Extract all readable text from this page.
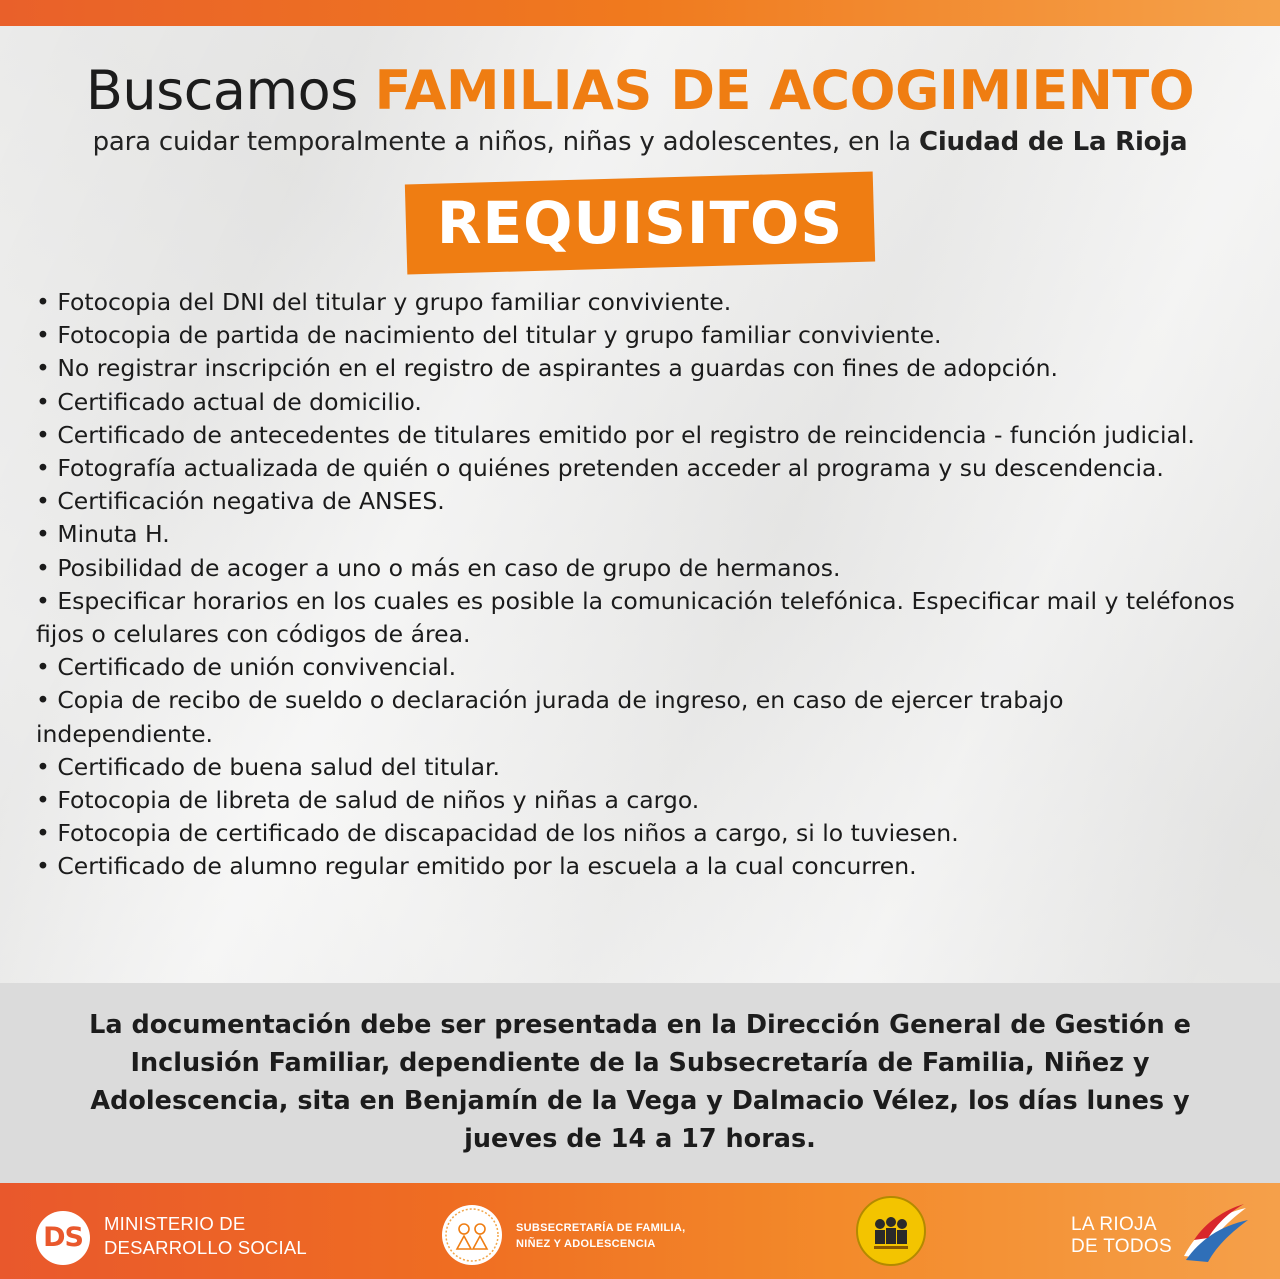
Buscamos FAMILIAS DE ACOGIMIENTO
para cuidar temporalmente a niños, niñas y adolescentes, en la Ciudad de La Rioja
REQUISITOS
• Fotocopia del DNI del titular y grupo familiar conviviente.
• Fotocopia de partida de nacimiento del titular y grupo familiar conviviente.
• No registrar inscripción en el registro de aspirantes a guardas con fines de adopción.
• Certificado actual de domicilio.
• Certificado de antecedentes de titulares emitido por el registro de reincidencia - función judicial.
• Fotografía actualizada de quién o quiénes pretenden acceder al programa y su descendencia.
• Certificación negativa de ANSES.
• Minuta H.
• Posibilidad de acoger a uno o más en caso de grupo de hermanos.
• Especificar horarios en los cuales es posible la comunicación telefónica. Especificar mail y teléfonos fijos o celulares con códigos de área.
• Certificado de unión convivencial.
• Copia de recibo de sueldo o declaración jurada de ingreso, en caso de ejercer trabajo independiente.
• Certificado de buena salud del titular.
• Fotocopia de libreta de salud de niños y niñas a cargo.
• Fotocopia de certificado de discapacidad de los niños a cargo, si lo tuviesen.
• Certificado de alumno regular emitido por la escuela a la cual concurren.
La documentación debe ser presentada en la Dirección General de Gestión e Inclusión Familiar, dependiente de la Subsecretaría de Familia, Niñez y Adolescencia, sita en Benjamín de la Vega y Dalmacio Vélez, los días lunes y jueves de 14 a 17 horas.
DS	MINISTERIO DE
DESARROLLO SOCIAL
SUBSECRETARÍA DE FAMILIA,
NIÑEZ Y ADOLESCENCIA
LA RIOJA
DE TODOS
